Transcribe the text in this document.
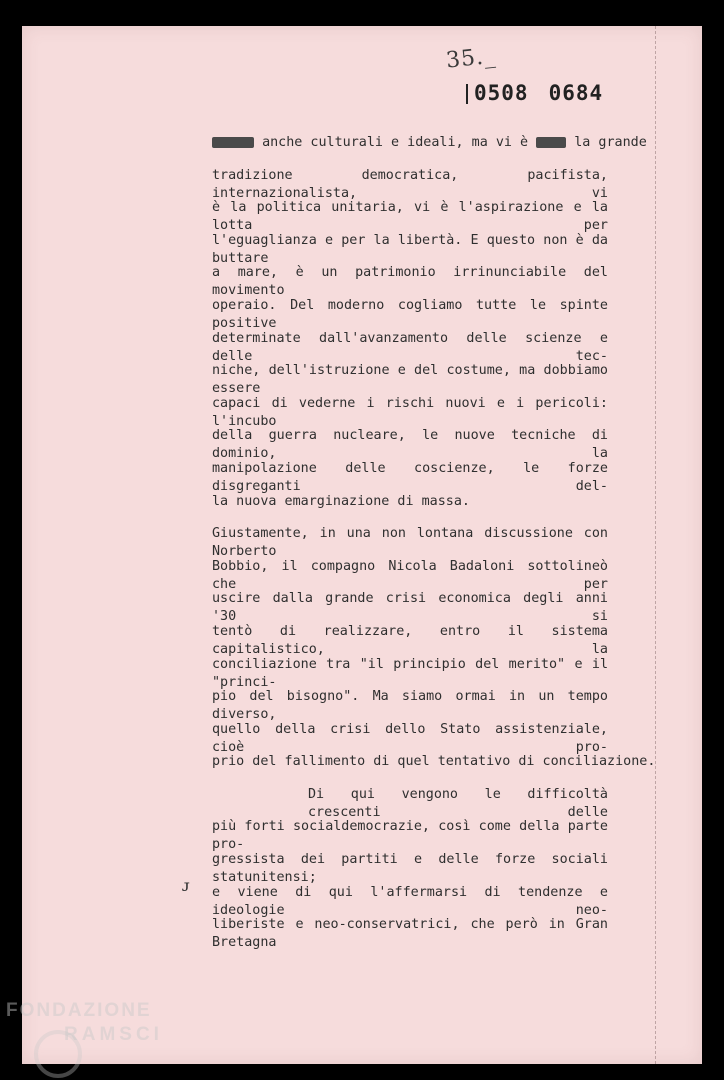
35._
0508 0684
anche culturali e ideali, ma vi è	la grande
tradizione democratica, pacifista, internazionalista, vi
è la politica unitaria, vi è l'aspirazione e la lotta per
l'eguaglianza e per la libertà. E questo non è da buttare
a mare, è un patrimonio irrinunciabile del movimento
operaio. Del moderno cogliamo tutte le spinte positive
determinate dall'avanzamento delle scienze e delle tec-
niche, dell'istruzione e del costume, ma dobbiamo essere
capaci di vederne i rischi nuovi e i pericoli: l'incubo
della guerra nucleare, le nuove tecniche di dominio, la
manipolazione delle coscienze, le forze disgreganti del-
la nuova emarginazione di massa.
Giustamente, in una non lontana discussione con Norberto
Bobbio, il compagno Nicola Badaloni sottolineò che per
uscire dalla grande crisi economica degli anni '30 si
tentò di realizzare, entro il sistema capitalistico, la
conciliazione tra "il principio del merito" e il "princi-
pio del bisogno". Ma siamo ormai in un tempo diverso,
quello della crisi dello Stato assistenziale, cioè pro-
prio del fallimento di quel tentativo di conciliazione.
Di qui vengono le difficoltà crescenti delle
più forti socialdemocrazie, così come della parte pro-
gressista dei partiti e delle forze sociali statunitensi;
e viene di qui l'affermarsi di tendenze e ideologie neo-
liberiste e neo-conservatrici, che però in Gran Bretagna
ᴊ
FONDAZIONE
RAMSCI
